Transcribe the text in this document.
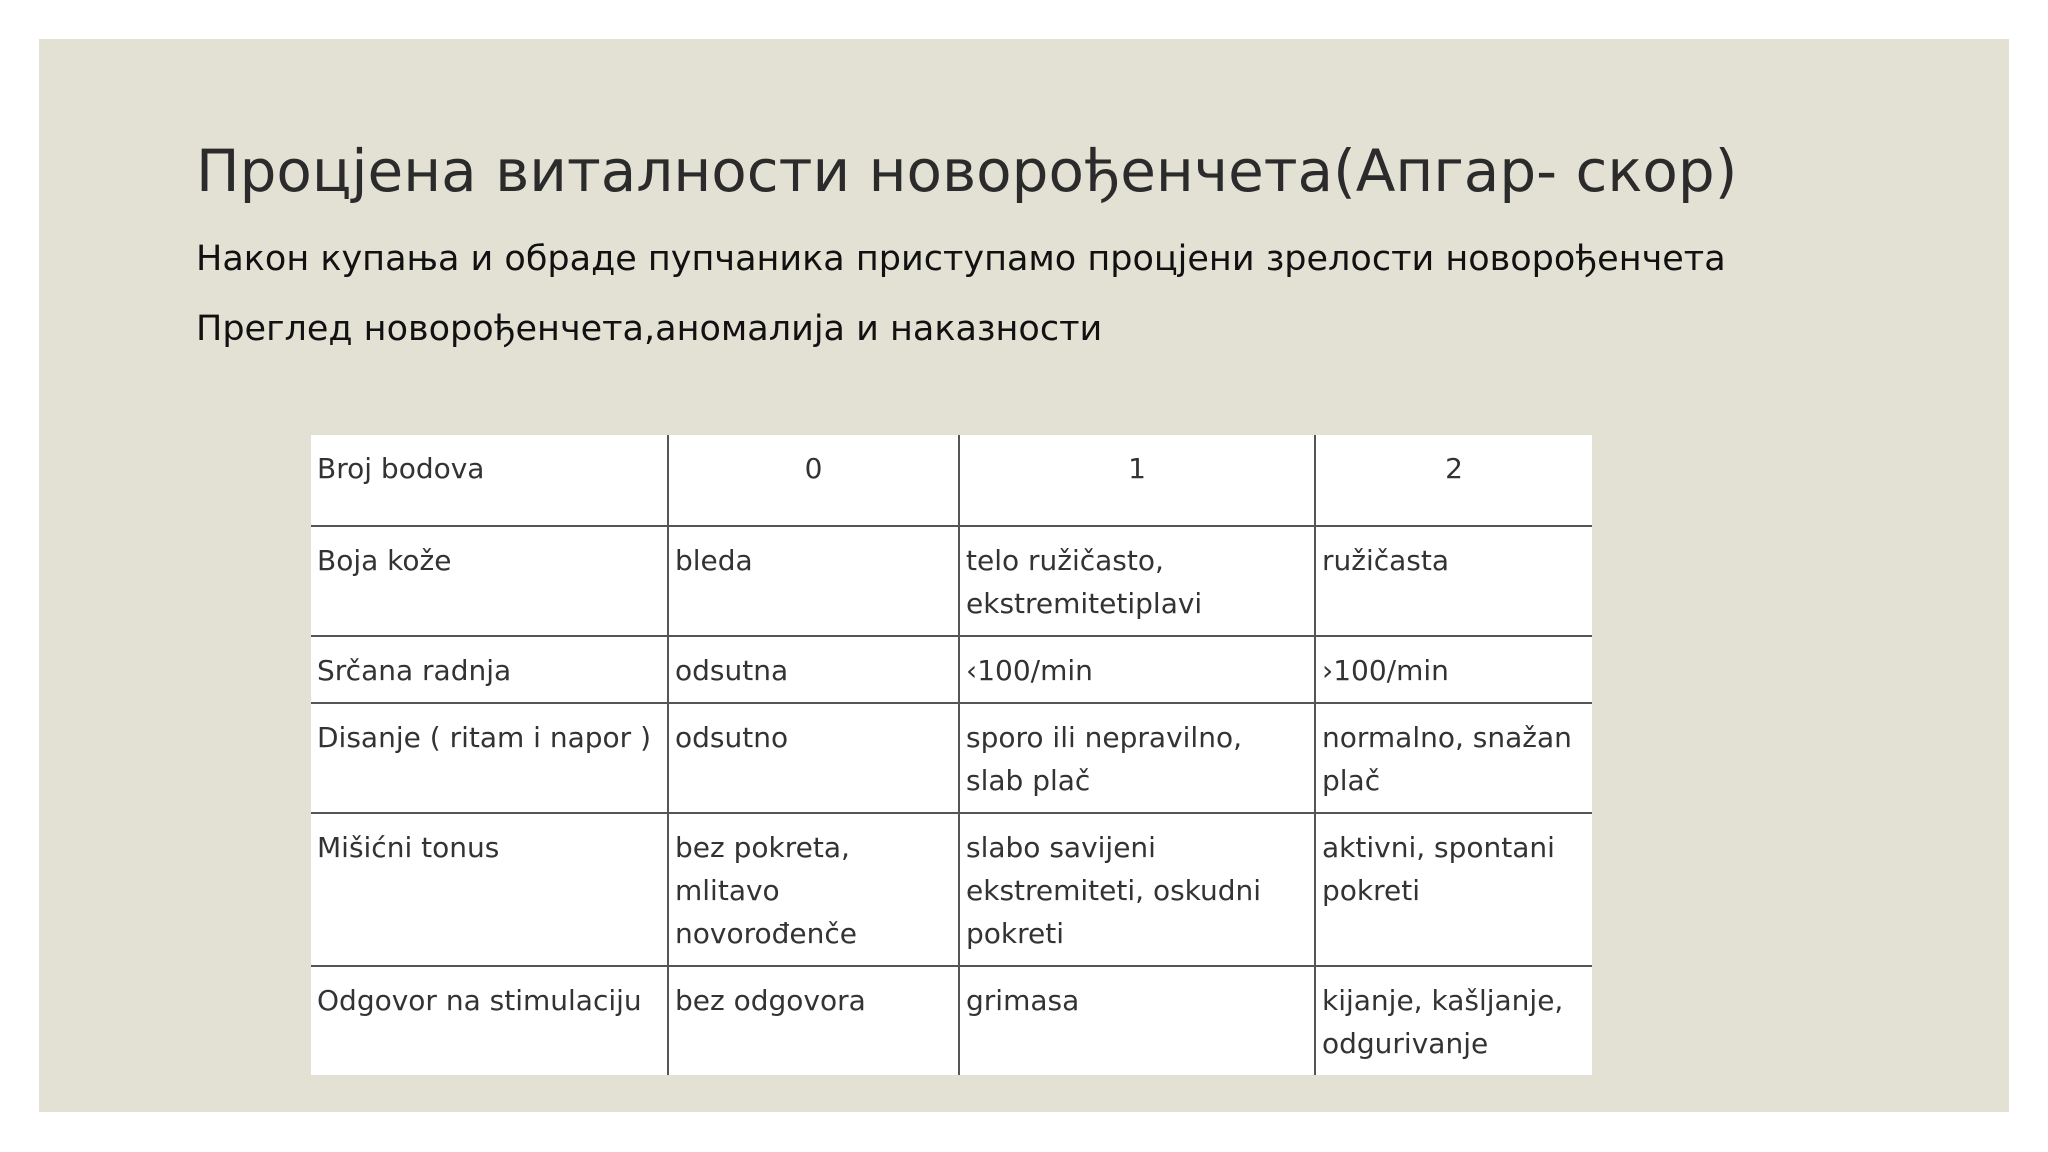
Процјена виталности новорођенчета(Апгар- скор)

Након купања и обраде пупчаника приступамо процјени зрелости новорођенчета

Преглед новорођенчета,аномалија и наказности

Broj bodova	0	1	2
Boja kože	bleda	telo ružičasto, ekstremitetiplavi	ružičasta
Srčana radnja	odsutna	‹100/min	›100/min
Disanje ( ritam i napor )	odsutno	sporo ili nepravilno, slab plač	normalno, snažan plač
Mišićni tonus	bez pokreta, mlitavo novorođenče	slabo savijeni ekstremiteti, oskudni pokreti	aktivni, spontani pokreti
Odgovor na stimulaciju	bez odgovora	grimasa	kijanje, kašljanje, odgurivanje
